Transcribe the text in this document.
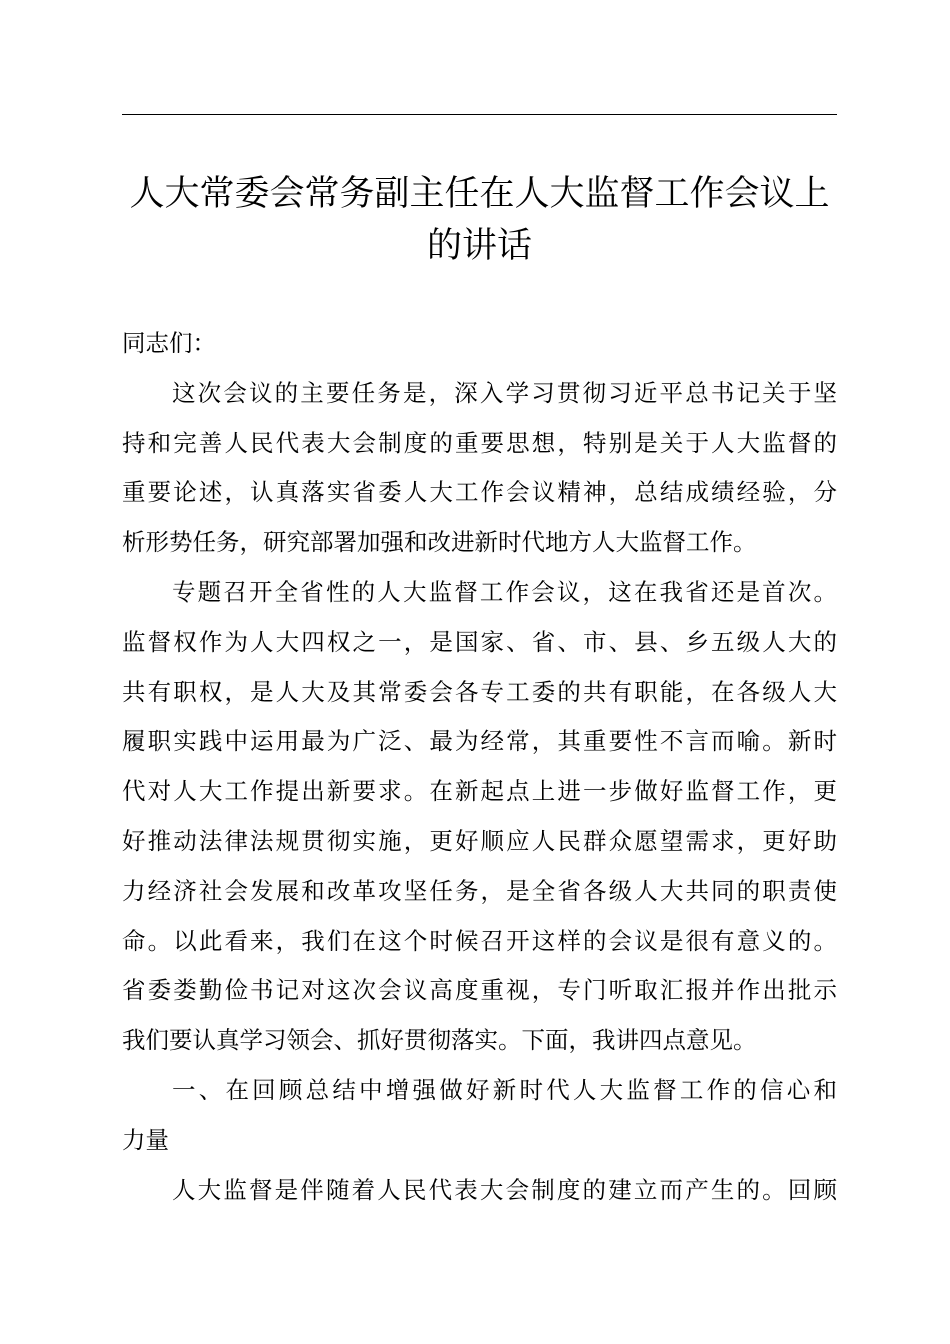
人大常委会常务副主任在人大监督工作会议上
的讲话
同志们：
这次会议的主要任务是，深入学习贯彻习近平总书记关于坚
持和完善人民代表大会制度的重要思想，特别是关于人大监督的
重要论述，认真落实省委人大工作会议精神，总结成绩经验，分
析形势任务，研究部署加强和改进新时代地方人大监督工作。
专题召开全省性的人大监督工作会议，这在我省还是首次。
监督权作为人大四权之一，是国家、省、市、县、乡五级人大的
共有职权，是人大及其常委会各专工委的共有职能，在各级人大
履职实践中运用最为广泛、最为经常，其重要性不言而喻。新时
代对人大工作提出新要求。在新起点上进一步做好监督工作，更
好推动法律法规贯彻实施，更好顺应人民群众愿望需求，更好助
力经济社会发展和改革攻坚任务，是全省各级人大共同的职责使
命。以此看来，我们在这个时候召开这样的会议是很有意义的。
省委娄勤俭书记对这次会议高度重视，专门听取汇报并作出批示
我们要认真学习领会、抓好贯彻落实。下面，我讲四点意见。
一、在回顾总结中增强做好新时代人大监督工作的信心和
力量
人大监督是伴随着人民代表大会制度的建立而产生的。回顾
